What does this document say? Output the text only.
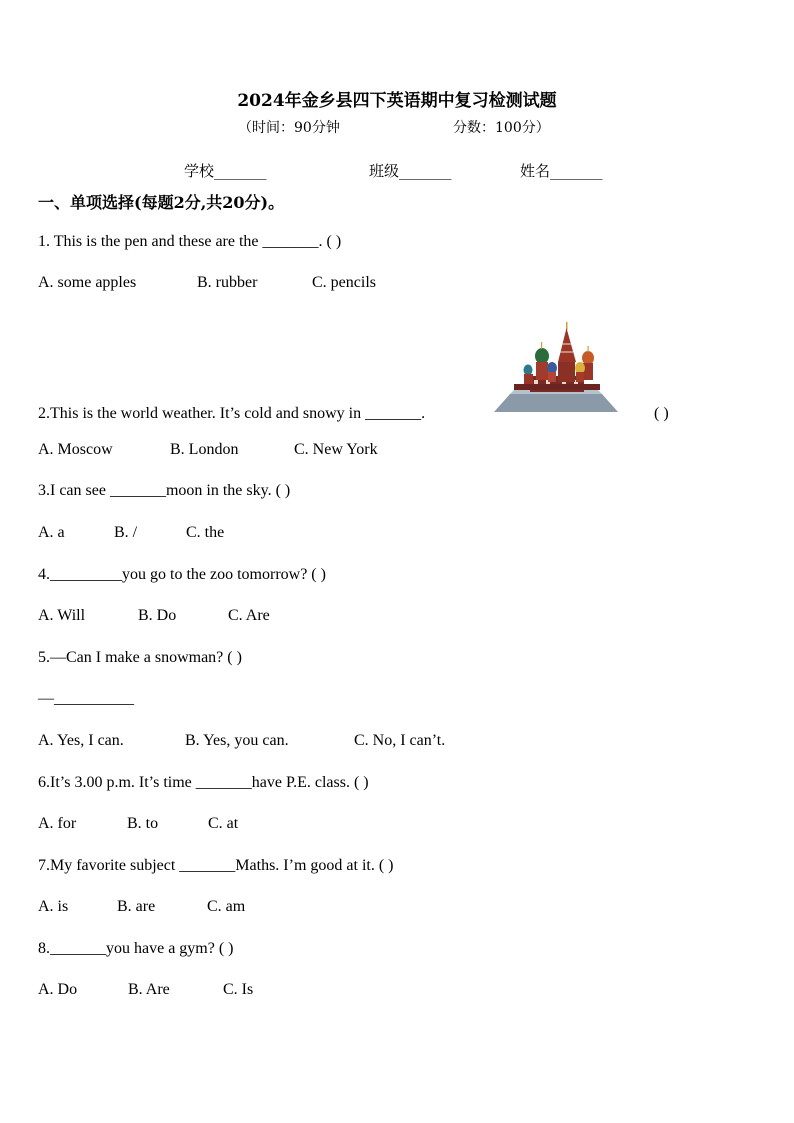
2024年金乡县四下英语期中复习检测试题
（时间：90分钟	分数：100分）
学校_______	班级_______	姓名_______
一、单项选择(每题2分,共20分)。
1. This is the pen and these are the _______. ( )
A. some apples	B. rubber	C. pencils
2.This is the world weather. It’s cold and snowy in _______.	( )
A. Moscow	B. London	C. New York
3.I can see _______moon in the sky. ( )
A. a	B. /	C. the
4._________you go to the zoo tomorrow? ( )
A. Will	B. Do	C. Are
5.—Can I make a snowman? ( )
—__________
A. Yes, I can.	B. Yes, you can.	C. No, I can’t.
6.It’s 3.00 p.m. It’s time _______have P.E. class. ( )
A. for	B. to	C. at
7.My favorite subject _______Maths. I’m good at it. ( )
A. is	B. are	C. am
8._______you have a gym? ( )
A. Do	B. Are	C. Is
